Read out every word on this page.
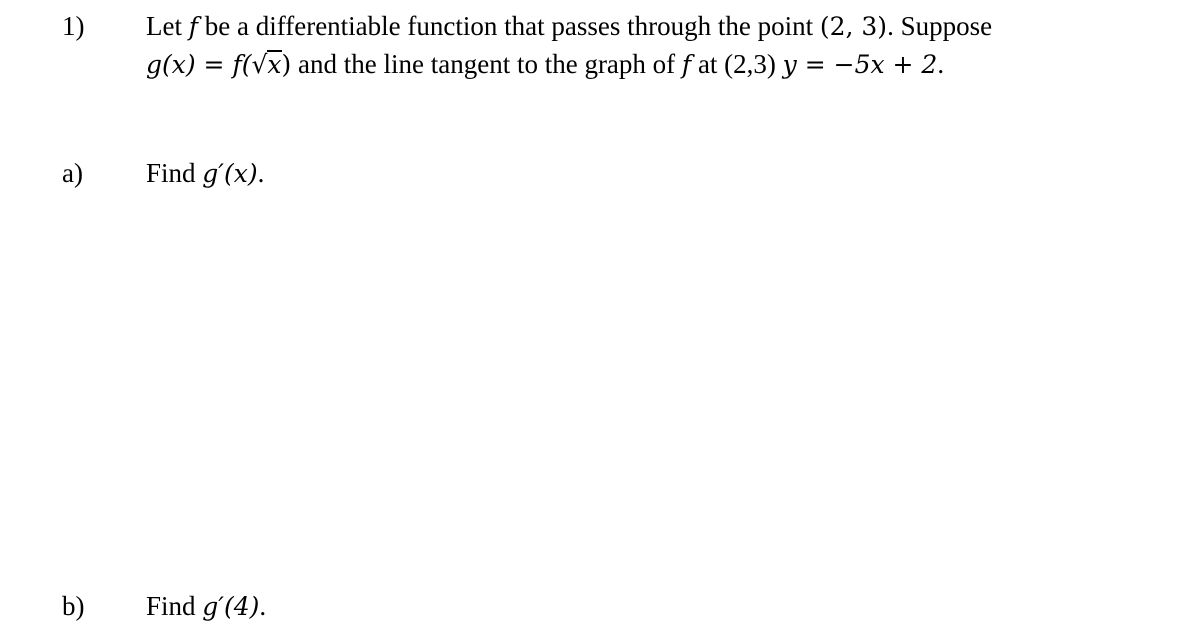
1) Let f be a differentiable function that passes through the point (2, 3). Suppose
g(x) = f(√x) and the line tangent to the graph of f at (2,3) y = −5x + 2.
a) Find g′(x).
b) Find g′(4).
